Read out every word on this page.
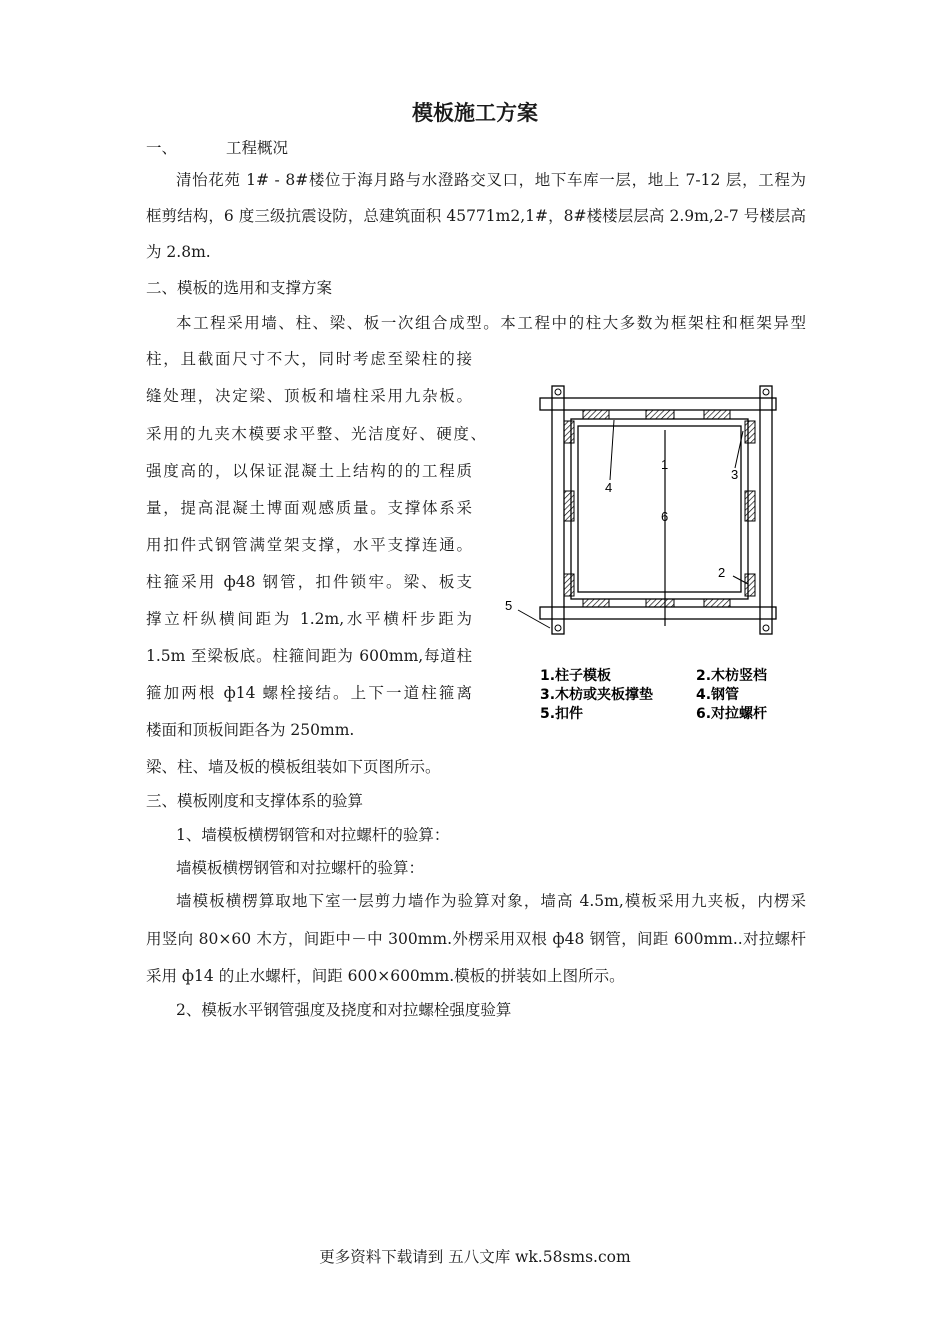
模板施工方案
一、	工程概况
清怡花苑 1# - 8#楼位于海月路与水澄路交叉口，地下车库一层，地上 7-12 层，工程为
框剪结构，6 度三级抗震设防，总建筑面积 45771m2,1#，8#楼楼层层高 2.9m,2-7 号楼层高
为 2.8m.
二、模板的选用和支撑方案
本工程采用墙、柱、梁、板一次组合成型。本工程中的柱大多数为框架柱和框架异型
柱，且截面尺寸不大，同时考虑至梁柱的接
缝处理，决定梁、顶板和墙柱采用九杂板。
采用的九夹木模要求平整、光洁度好、硬度、
强度高的，以保证混凝土上结构的的工程质
量，提高混凝土博面观感质量。支撑体系采
用扣件式钢管满堂架支撑，水平支撑连通。
柱箍采用 ф48 钢管，扣件锁牢。梁、板支
撑立杆纵横间距为 1.2m,水平横杆步距为
1.5m 至梁板底。柱箍间距为 600mm,每道柱
箍加两根 ф14 螺栓接结。上下一道柱箍离
楼面和顶板间距各为 250mm.
梁、柱、墙及板的模板组装如下页图所示。
三、模板刚度和支撑体系的验算
1、墙模板横楞钢管和对拉螺杆的验算：
墙模板横楞钢管和对拉螺杆的验算：
墙模板横楞算取地下室一层剪力墙作为验算对象，墙高 4.5m,模板采用九夹板，内楞采
用竖向 80×60 木方，间距中－中 300mm.外楞采用双根 ф48 钢管，间距 600mm..对拉螺杆
采用 ф14 的止水螺杆，间距 600×600mm.模板的拼装如上图所示。
2、模板水平钢管强度及挠度和对拉螺栓强度验算
4
1
3
6
2
5
1.柱子模板	2.木枋竖档
3.木枋或夹板撑垫	4.钢管
5.扣件	6.对拉螺杆
更多资料下载请到 五八文库 wk.58sms.com
